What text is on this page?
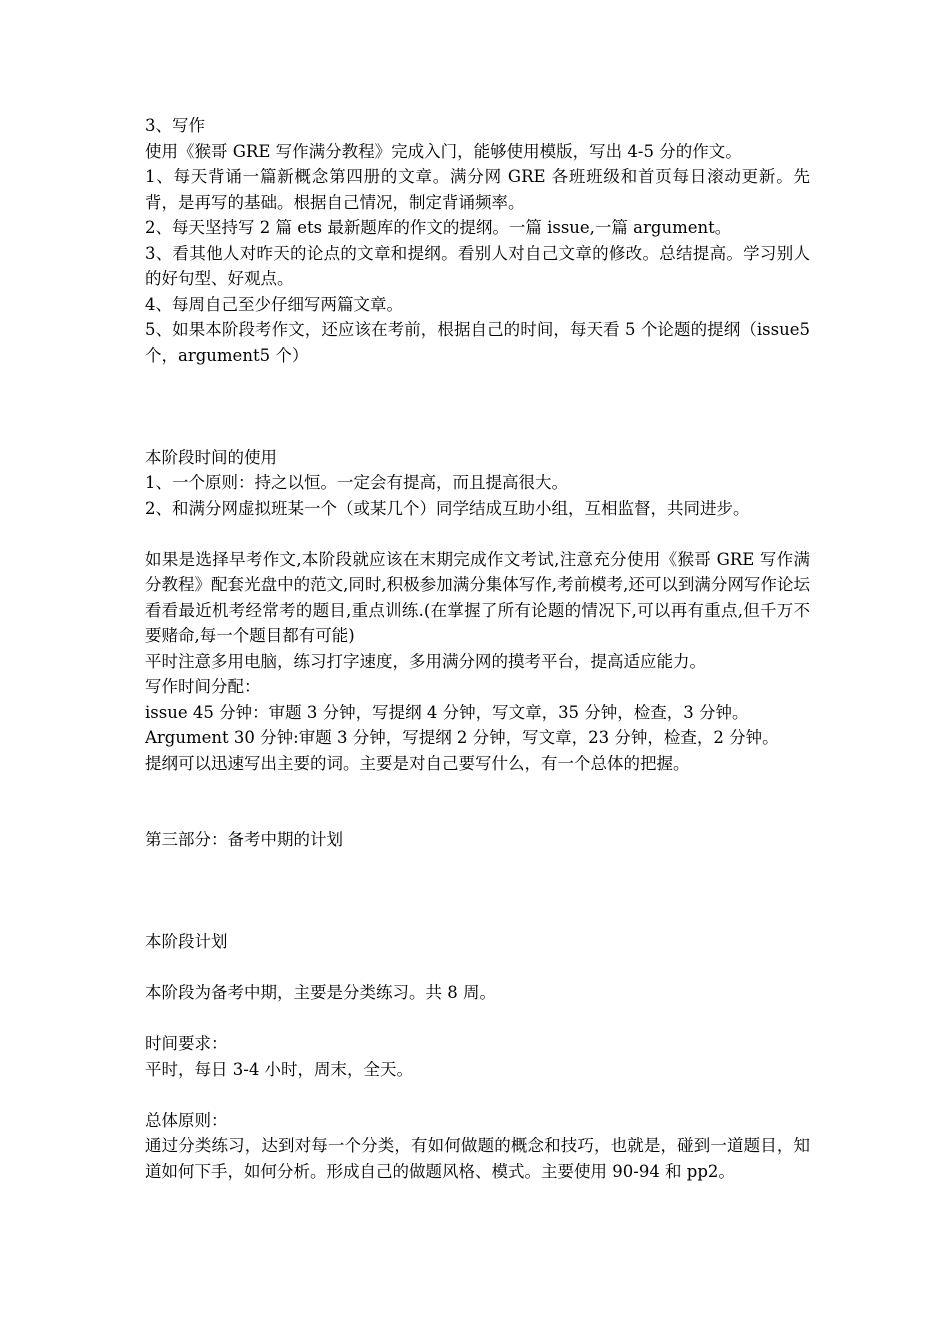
3、写作
使用《猴哥 GRE 写作满分教程》完成入门，能够使用模版，写出 4-5 分的作文。
1、每天背诵一篇新概念第四册的文章。满分网 GRE 各班班级和首页每日滚动更新。先背，是再写的基础。根据自己情况，制定背诵频率。
2、每天坚持写 2 篇 ets 最新题库的作文的提纲。一篇 issue,一篇 argument。
3、看其他人对昨天的论点的文章和提纲。看别人对自己文章的修改。总结提高。学习别人的好句型、好观点。
4、每周自己至少仔细写两篇文章。
5、如果本阶段考作文，还应该在考前，根据自己的时间，每天看 5 个论题的提纲（issue5 个，argument5 个）
本阶段时间的使用
1、一个原则：持之以恒。一定会有提高，而且提高很大。
2、和满分网虚拟班某一个（或某几个）同学结成互助小组，互相监督，共同进步。
如果是选择早考作文,本阶段就应该在末期完成作文考试,注意充分使用《猴哥 GRE 写作满分教程》配套光盘中的范文,同时,积极参加满分集体写作,考前模考,还可以到满分网写作论坛看看最近机考经常考的题目,重点训练.(在掌握了所有论题的情况下,可以再有重点,但千万不要赌命,每一个题目都有可能)
平时注意多用电脑，练习打字速度，多用满分网的摸考平台，提高适应能力。
写作时间分配：
issue 45 分钟：审题 3 分钟，写提纲 4 分钟，写文章，35 分钟，检查，3 分钟。
Argument 30 分钟:审题 3 分钟，写提纲 2 分钟，写文章，23 分钟，检查，2 分钟。
提纲可以迅速写出主要的词。主要是对自己要写什么，有一个总体的把握。
第三部分：备考中期的计划
本阶段计划
本阶段为备考中期，主要是分类练习。共 8 周。
时间要求：
平时，每日 3-4 小时，周末，全天。
总体原则：
通过分类练习，达到对每一个分类，有如何做题的概念和技巧，也就是，碰到一道题目，知道如何下手，如何分析。形成自己的做题风格、模式。主要使用 90-94 和 pp2。
